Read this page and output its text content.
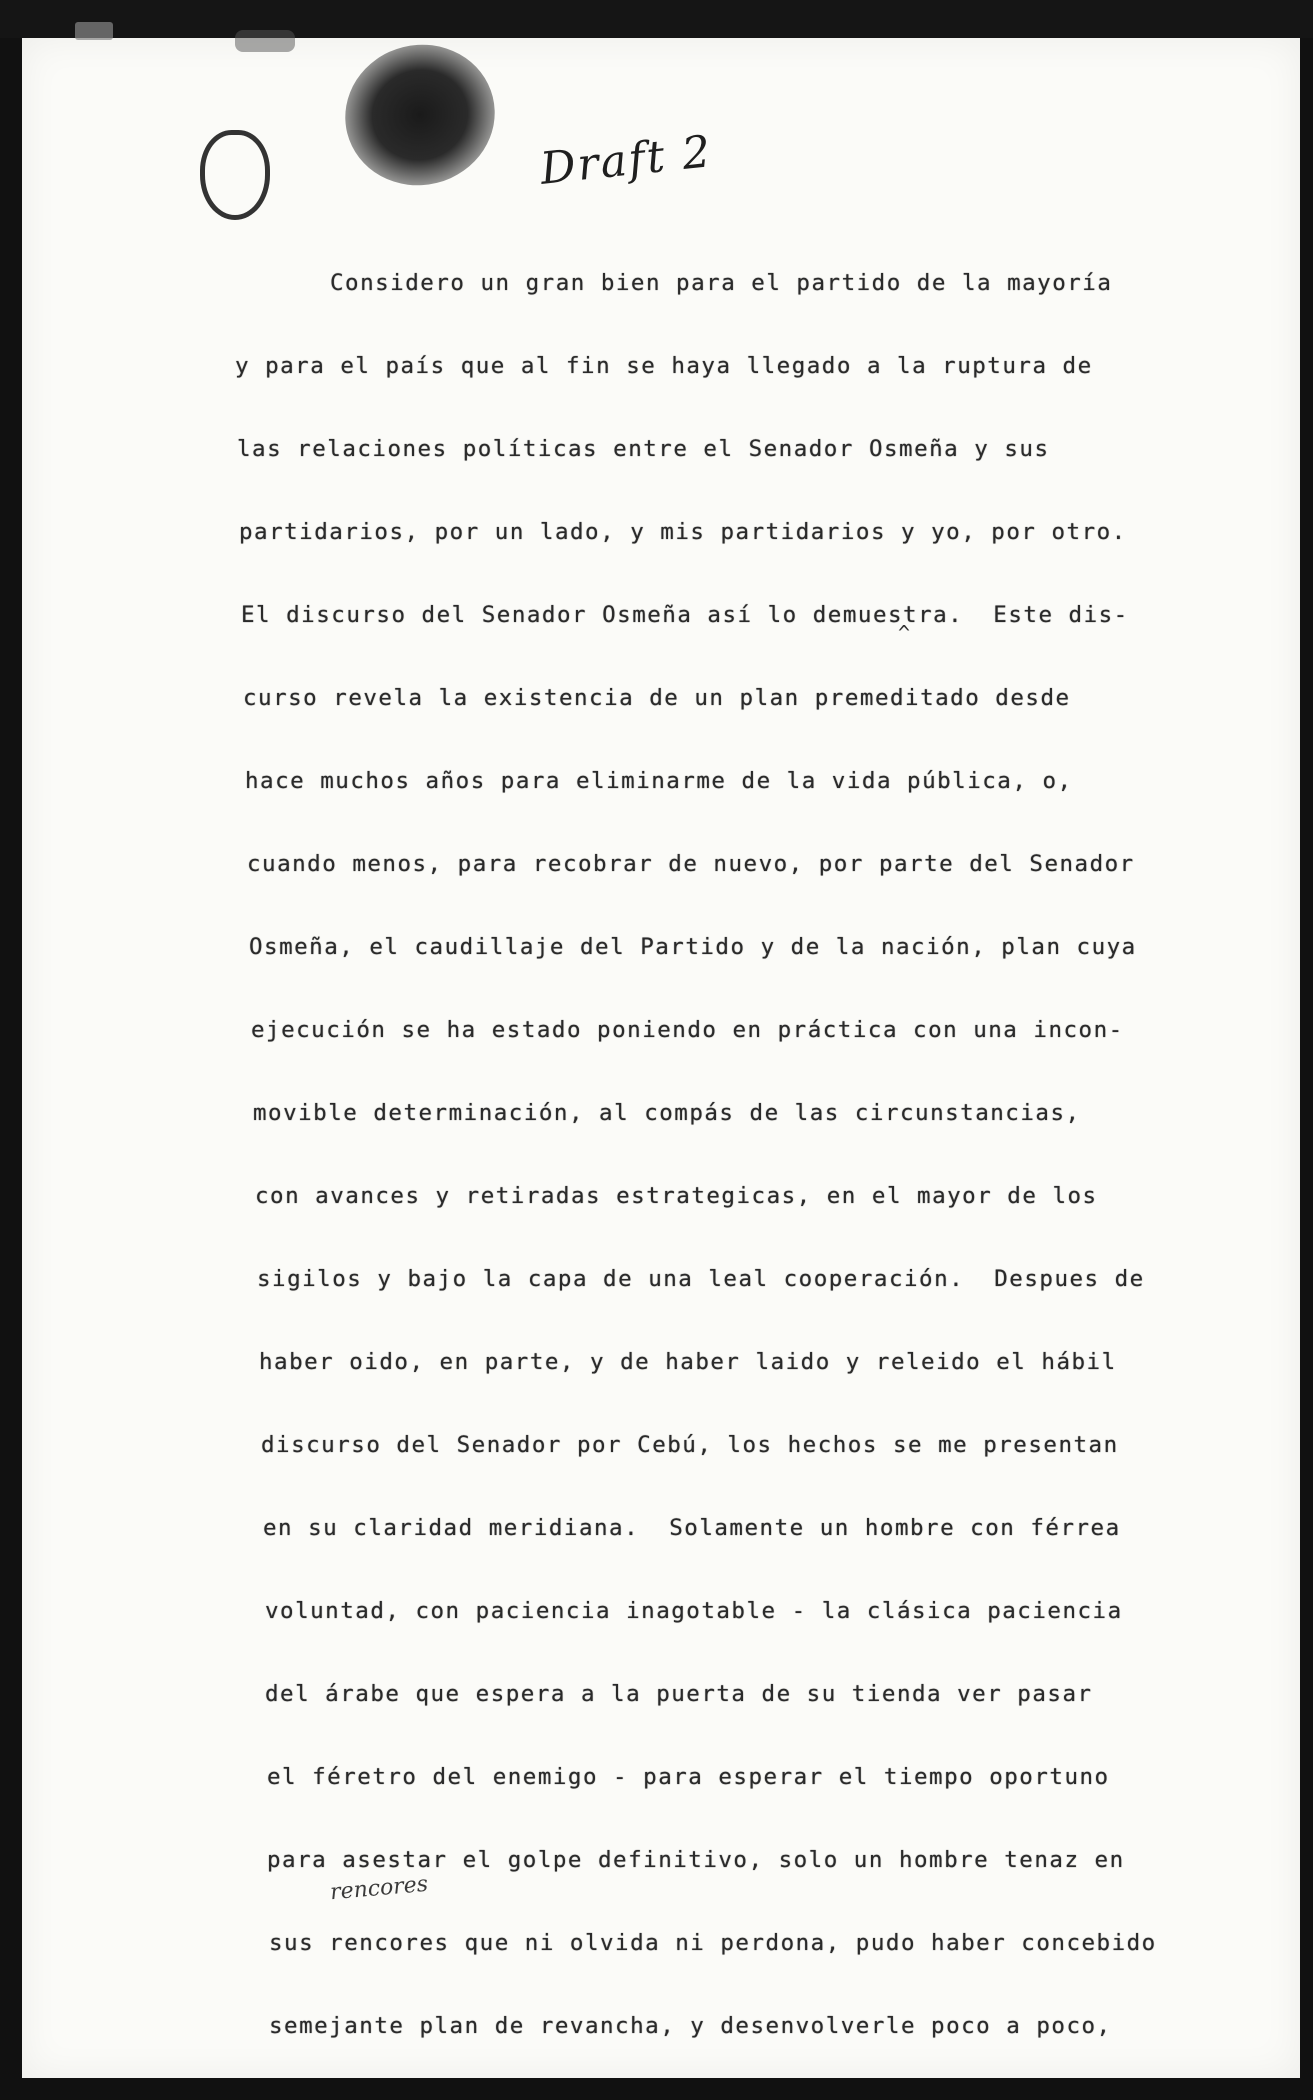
Draft 2
^
rencores
Considero un gran bien para el partido de la mayoría
y para el país que al fin se haya llegado a la ruptura de
las relaciones políticas entre el Senador Osmeña y sus
partidarios, por un lado, y mis partidarios y yo, por otro.
El discurso del Senador Osmeña así lo demuestra.  Este dis-
curso revela la existencia de un plan premeditado desde
hace muchos años para eliminarme de la vida pública, o,
cuando menos, para recobrar de nuevo, por parte del Senador
Osmeña, el caudillaje del Partido y de la nación, plan cuya
ejecución se ha estado poniendo en práctica con una incon-
movible determinación, al compás de las circunstancias,
con avances y retiradas estrategicas, en el mayor de los
sigilos y bajo la capa de una leal cooperación.  Despues de
haber oido, en parte, y de haber laido y releido el hábil
discurso del Senador por Cebú, los hechos se me presentan
en su claridad meridiana.  Solamente un hombre con férrea
voluntad, con paciencia inagotable - la clásica paciencia
del árabe que espera a la puerta de su tienda ver pasar
el féretro del enemigo - para esperar el tiempo oportuno
para asestar el golpe definitivo, solo un hombre tenaz en
sus rencores que ni olvida ni perdona, pudo haber concebido
semejante plan de revancha, y desenvolverle poco a poco,
